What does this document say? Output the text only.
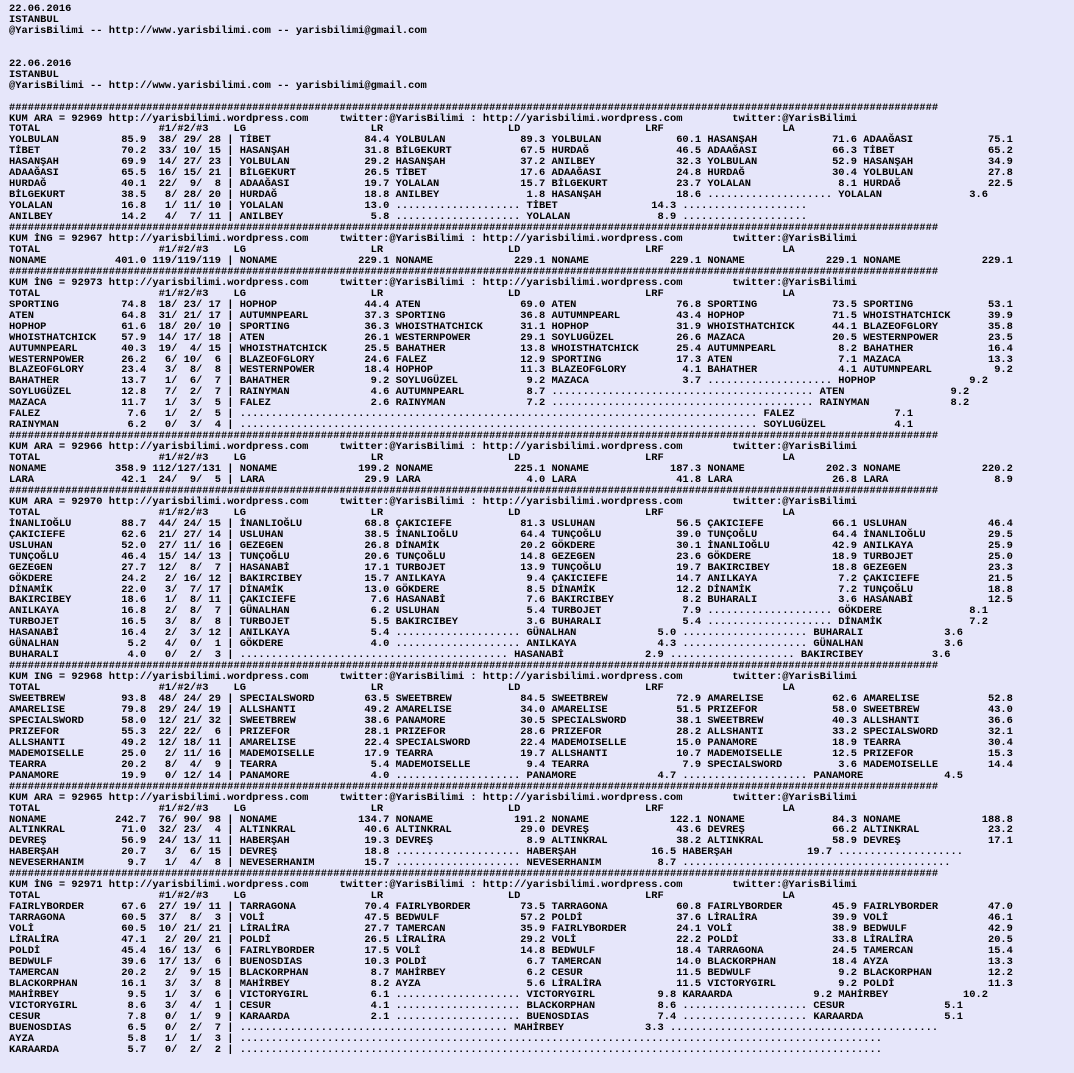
22.06.2016
ISTANBUL
@YarisBilimi -- http://www.yarisbilimi.com -- yarisbilimi@gmail.com

22.06.2016
ISTANBUL
@YarisBilimi -- http://www.yarisbilimi.com -- yarisbilimi@gmail.com

#####################################################################################################################################################
KUM ARA = 92969 http://yarisbilimi.wordpress.com     twitter:@YarisBilimi : http://yarisbilimi.wordpress.com        twitter:@YarisBilimi
TOTAL                   #1/#2/#3    LG                    LR                    LD                    LRF                   LA
YOLBULAN          85.9  38/ 29/ 28 | TİBET               84.4 YOLBULAN            89.3 YOLBULAN            60.1 HASANŞAH            71.6 ADAAĞASI            75.1
TİBET             70.2  33/ 10/ 15 | HASANŞAH            31.8 BİLGEKURT           67.5 HURDAĞ              46.5 ADAAĞASI            66.3 TİBET               65.2
HASANŞAH          69.9  14/ 27/ 23 | YOLBULAN            29.2 HASANŞAH            37.2 ANILBEY             32.3 YOLBULAN            52.9 HASANŞAH            34.9
ADAAĞASI          65.5  16/ 15/ 21 | BİLGEKURT           26.5 TİBET               17.6 ADAAĞASI            24.8 HURDAĞ              30.4 YOLBULAN            27.8
HURDAĞ            40.1  22/  9/  8 | ADAAĞASI            19.7 YOLALAN             15.7 BİLGEKURT           23.7 YOLALAN              8.1 HURDAĞ              22.5
BİLGEKURT         38.5   8/ 28/ 20 | HURDAĞ              18.8 ANILBEY              1.8 HASANŞAH            18.6 .................... YOLALAN              3.6
YOLALAN           16.8   1/ 11/ 10 | YOLALAN             13.0 .................... TİBET               14.3 ....................
ANILBEY           14.2   4/  7/ 11 | ANILBEY              5.8 .................... YOLALAN              8.9 ....................
#####################################################################################################################################################
KUM İNG = 92967 http://yarisbilimi.wordpress.com     twitter:@YarisBilimi : http://yarisbilimi.wordpress.com        twitter:@YarisBilimi
TOTAL                   #1/#2/#3    LG                    LR                    LD                    LRF                   LA
NONAME           401.0 119/119/119 | NONAME             229.1 NONAME             229.1 NONAME             229.1 NONAME             229.1 NONAME             229.1
#####################################################################################################################################################
KUM İNG = 92973 http://yarisbilimi.wordpress.com     twitter:@YarisBilimi : http://yarisbilimi.wordpress.com        twitter:@YarisBilimi
TOTAL                   #1/#2/#3    LG                    LR                    LD                    LRF                   LA
SPORTING          74.8  18/ 23/ 17 | HOPHOP              44.4 ATEN                69.0 ATEN                76.8 SPORTING            73.5 SPORTING            53.1
ATEN              64.8  31/ 21/ 17 | AUTUMNPEARL         37.3 SPORTING            36.8 AUTUMNPEARL         43.4 HOPHOP              71.5 WHOISTHATCHICK      39.9
HOPHOP            61.6  18/ 20/ 10 | SPORTING            36.3 WHOISTHATCHICK      31.1 HOPHOP              31.9 WHOISTHATCHICK      44.1 BLAZEOFGLORY        35.8
WHOISTHATCHICK    57.9  14/ 17/ 18 | ATEN                26.1 WESTERNPOWER        29.1 SOYLUGÜZEL          26.6 MAZACA              20.5 WESTERNPOWER        23.5
AUTUMNPEARL       40.3  19/  4/ 15 | WHOISTHATCHICK      25.5 BAHATHER            13.8 WHOISTHATCHICK      25.4 AUTUMNPEARL          8.2 BAHATHER            16.4
WESTERNPOWER      26.2   6/ 10/  6 | BLAZEOFGLORY        24.6 FALEZ               12.9 SPORTING            17.3 ATEN                 7.1 MAZACA              13.3
BLAZEOFGLORY      23.4   3/  8/  8 | WESTERNPOWER        18.4 HOPHOP              11.3 BLAZEOFGLORY         4.1 BAHATHER             4.1 AUTUMNPEARL          9.2
BAHATHER          13.7   1/  6/  7 | BAHATHER             9.2 SOYLUGÜZEL           9.2 MAZACA               3.7 .................... HOPHOP               9.2
SOYLUGÜZEL        12.8   7/  2/  7 | RAINYMAN             4.6 AUTUMNPEARL          8.7 .......................................... ATEN                 9.2
MAZACA            11.7   1/  3/  5 | FALEZ                2.6 RAINYMAN             7.2 .......................................... RAINYMAN             8.2
FALEZ              7.6   1/  2/  5 | ................................................................................... FALEZ                7.1
RAINYMAN           6.2   0/  3/  4 | ................................................................................... SOYLUGÜZEL           4.1
#####################################################################################################################################################
KUM ARA = 92966 http://yarisbilimi.wordpress.com     twitter:@YarisBilimi : http://yarisbilimi.wordpress.com        twitter:@YarisBilimi
TOTAL                   #1/#2/#3    LG                    LR                    LD                    LRF                   LA
NONAME           358.9 112/127/131 | NONAME             199.2 NONAME             225.1 NONAME             187.3 NONAME             202.3 NONAME             220.2
LARA              42.1  24/  9/  5 | LARA                29.9 LARA                 4.0 LARA                41.8 LARA                26.8 LARA                 8.9
#####################################################################################################################################################
KUM ARA = 92970 http://yarisbilimi.wordpress.com     twitter:@YarisBilimi : http://yarisbilimi.wordpress.com        twitter:@YarisBilimi
TOTAL                   #1/#2/#3    LG                    LR                    LD                    LRF                   LA
İNANLIOĞLU        88.7  44/ 24/ 15 | İNANLIOĞLU          68.8 ÇAKICIEFE           81.3 USLUHAN             56.5 ÇAKICIEFE           66.1 USLUHAN             46.4
ÇAKICIEFE         62.6  21/ 27/ 14 | USLUHAN             38.5 İNANLIOĞLU          64.4 TUNÇOĞLU            39.0 TUNÇOĞLU            64.4 İNANLIOĞLU          29.5
USLUHAN           52.0  27/ 11/ 16 | GEZEGEN             26.8 DİNAMİK             20.2 GÖKDERE             30.1 İNANLIOĞLU          42.9 ANILKAYA            25.9
TUNÇOĞLU          46.4  15/ 14/ 13 | TUNÇOĞLU            20.6 TUNÇOĞLU            14.8 GEZEGEN             23.6 GÖKDERE             18.9 TURBOJET            25.0
GEZEGEN           27.7  12/  8/  7 | HASANABİ            17.1 TURBOJET            13.9 TUNÇOĞLU            19.7 BAKIRCIBEY          18.8 GEZEGEN             23.3
GÖKDERE           24.2   2/ 16/ 12 | BAKIRCIBEY          15.7 ANILKAYA             9.4 ÇAKICIEFE           14.7 ANILKAYA             7.2 ÇAKICIEFE           21.5
DİNAMİK           22.0   3/  7/ 17 | DİNAMİK             13.0 GÖKDERE              8.5 DİNAMİK             12.2 DİNAMİK              7.2 TUNÇOĞLU            18.8
BAKIRCIBEY        18.6   1/  8/ 11 | ÇAKICIEFE            7.6 HASANABİ             7.6 BAKIRCIBEY           8.2 BUHARALI             3.6 HASANABİ            12.5
ANILKAYA          16.8   2/  8/  7 | GÜNALHAN             6.2 USLUHAN              5.4 TURBOJET             7.9 .................... GÖKDERE              8.1
TURBOJET          16.5   3/  8/  8 | TURBOJET             5.5 BAKIRCIBEY           3.6 BUHARALI             5.4 .................... DİNAMİK              7.2
HASANABİ          16.4   2/  3/ 12 | ANILKAYA             5.4 .................... GÜNALHAN             5.0 .................... BUHARALI             3.6
GÜNALHAN           5.2   4/  0/  1 | GÖKDERE              4.0 .................... ANILKAYA             4.3 .................... GÜNALHAN             3.6
BUHARALI           4.0   0/  2/  3 | ........................................... HASANABİ             2.9 .................... BAKIRCIBEY           3.6
#####################################################################################################################################################
KUM ING = 92968 http://yarisbilimi.wordpress.com     twitter:@YarisBilimi : http://yarisbilimi.wordpress.com        twitter:@YarisBilimi
TOTAL                   #1/#2/#3    LG                    LR                    LD                    LRF                   LA
SWEETBREW         93.8  48/ 24/ 29 | SPECIALSWORD        63.5 SWEETBREW           84.5 SWEETBREW           72.9 AMARELISE           62.6 AMARELISE           52.8
AMARELISE         79.8  29/ 24/ 19 | ALLSHANTI           49.2 AMARELISE           34.0 AMARELISE           51.5 PRIZEFOR            58.0 SWEETBREW           43.0
SPECIALSWORD      58.0  12/ 21/ 32 | SWEETBREW           38.6 PANAMORE            30.5 SPECIALSWORD        38.1 SWEETBREW           40.3 ALLSHANTI           36.6
PRIZEFOR          55.3  22/ 22/  6 | PRIZEFOR            28.1 PRIZEFOR            28.6 PRIZEFOR            28.2 ALLSHANTI           33.2 SPECIALSWORD        32.1
ALLSHANTI         49.2  12/ 18/ 11 | AMARELISE           22.4 SPECIALSWORD        22.4 MADEMOISELLE        15.0 PANAMORE            18.9 TEARRA              30.4
MADEMOISELLE      25.0   2/ 11/ 16 | MADEMOISELLE        17.9 TEARRA              19.7 ALLSHANTI           10.7 MADEMOISELLE        12.5 PRIZEFOR            15.3
TEARRA            20.2   8/  4/  9 | TEARRA               5.4 MADEMOISELLE         9.4 TEARRA               7.9 SPECIALSWORD         3.6 MADEMOISELLE        14.4
PANAMORE          19.9   0/ 12/ 14 | PANAMORE             4.0 .................... PANAMORE             4.7 .................... PANAMORE             4.5
#####################################################################################################################################################
KUM ARA = 92965 http://yarisbilimi.wordpress.com     twitter:@YarisBilimi : http://yarisbilimi.wordpress.com        twitter:@YarisBilimi
TOTAL                   #1/#2/#3    LG                    LR                    LD                    LRF                   LA
NONAME           242.7  76/ 90/ 98 | NONAME             134.7 NONAME             191.2 NONAME             122.1 NONAME              84.3 NONAME             188.8
ALTINKRAL         71.0  32/ 23/  4 | ALTINKRAL           40.6 ALTINKRAL           29.0 DEVREŞ              43.6 DEVREŞ              66.2 ALTINKRAL           23.2
DEVREŞ            56.9  24/ 13/ 11 | HABERŞAH            19.3 DEVREŞ               8.9 ALTINKRAL           38.2 ALTINKRAL           58.9 DEVREŞ              17.1
HABERŞAH          20.7   3/  6/ 15 | DEVREŞ              18.8 .................... HABERŞAH            16.5 HABERŞAH            19.7 ....................
NEVESERHANIM       9.7   1/  4/  8 | NEVESERHANIM        15.7 .................... NEVESERHANIM         8.7 ...........................................
#####################################################################################################################################################
KUM İNG = 92971 http://yarisbilimi.wordpress.com     twitter:@YarisBilimi : http://yarisbilimi.wordpress.com        twitter:@YarisBilimi
TOTAL                   #1/#2/#3    LG                    LR                    LD                    LRF                   LA
FAIRLYBORDER      67.6  27/ 19/ 11 | TARRAGONA           70.4 FAIRLYBORDER        73.5 TARRAGONA           60.8 FAIRLYBORDER        45.9 FAIRLYBORDER        47.0
TARRAGONA         60.5  37/  8/  3 | VOLİ                47.5 BEDWULF             57.2 POLDİ               37.6 LİRALİRA            39.9 VOLİ                46.1
VOLİ              60.5  10/ 21/ 21 | LİRALİRA            27.7 TAMERCAN            35.9 FAIRLYBORDER        24.1 VOLİ                38.9 BEDWULF             42.9
LİRALİRA          47.1   2/ 20/ 21 | POLDİ               26.5 LİRALİRA            29.2 VOLİ                22.2 POLDİ               33.8 LİRALİRA            20.5
POLDİ             45.4  16/ 13/  6 | FAIRLYBORDER        17.5 VOLİ                14.8 BEDWULF             18.4 TARRAGONA           24.5 TAMERCAN            15.4
BEDWULF           39.6  17/ 13/  6 | BUENOSDIAS          10.3 POLDİ                6.7 TAMERCAN            14.0 BLACKORPHAN         18.4 AYZA                13.3
TAMERCAN          20.2   2/  9/ 15 | BLACKORPHAN          8.7 MAHİRBEY             6.2 CESUR               11.5 BEDWULF              9.2 BLACKORPHAN         12.2
BLACKORPHAN       16.1   3/  3/  8 | MAHİRBEY             8.2 AYZA                 5.6 LİRALİRA            11.5 VICTORYGIRL          9.2 POLDİ               11.3
MAHİRBEY           9.5   1/  3/  6 | VICTORYGIRL          6.1 .................... VICTORYGIRL          9.8 KARAARDA             9.2 MAHİRBEY            10.2
VICTORYGIRL        8.6   3/  4/  1 | CESUR                4.1 .................... BLACKORPHAN          8.6 .................... CESUR                5.1
CESUR              7.8   0/  1/  9 | KARAARDA             2.1 .................... BUENOSDIAS           7.4 .................... KARAARDA             5.1
BUENOSDIAS         6.5   0/  2/  7 | ........................................... MAHİRBEY             3.3 ...........................................
AYZA               5.8   1/  1/  3 | .......................................................................................................
KARAARDA           5.7   0/  2/  2 | .......................................................................................................
